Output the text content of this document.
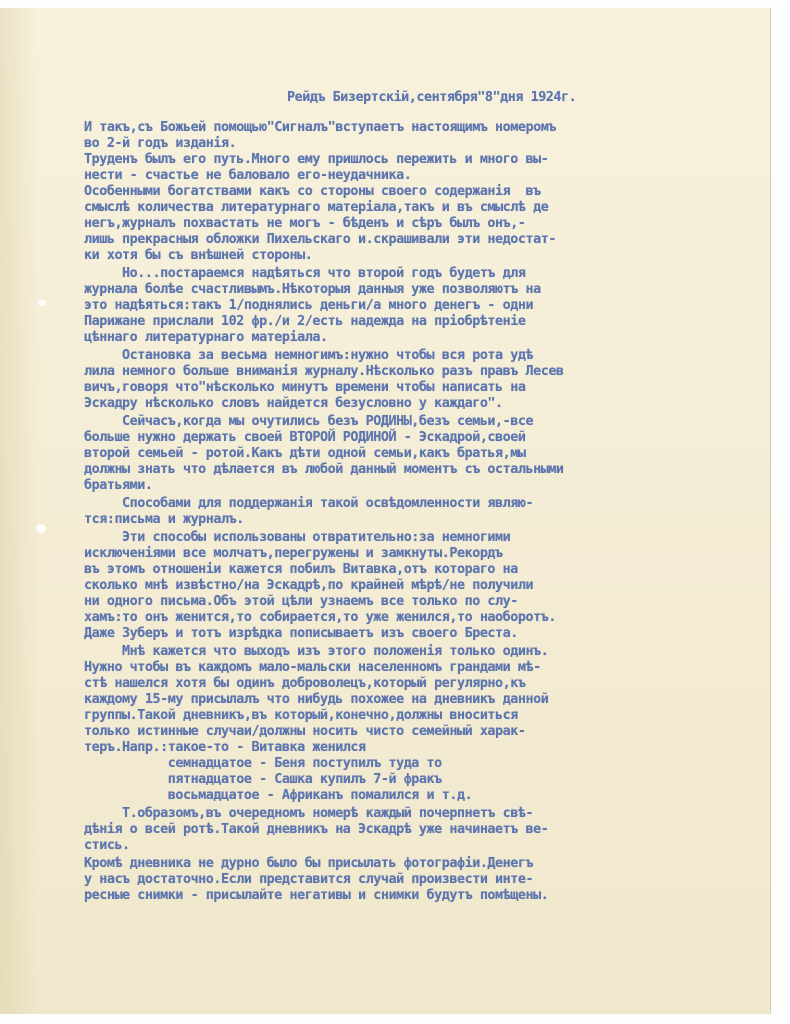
Рейдъ Бизертскій,сентября"8"дня 1924г.
И такъ,съ Божьей помощью"Сигналъ"вступаетъ настоящимъ номеромъ
во 2-й годъ изданія.
Труденъ былъ его путь.Много ему пришлось пережить и много вы-
нести - счастье не баловало его-неудачника.
Особенными богатствами какъ со стороны своего содержанія  въ
смыслѣ количества литературнаго матеріала,такъ и въ смыслѣ де
негъ,журналъ похвастать не могъ - бѣденъ и сѣръ былъ онъ,-
лишь прекрасныя обложки Пихельскаго и.скрашивали эти недостат-
ки хотя бы съ внѣшней стороны.
Но...постараемся надѣяться что второй годъ будетъ для
журнала болѣе счастливымъ.Нѣкоторыя данныя уже позволяютъ на
это надѣяться:такъ 1/поднялись деньги/а много денегъ - одни
Парижане прислали 102 фр./и 2/есть надежда на пріобрѣтеніе
цѣннаго литературнаго матеріала.
Остановка за весьма немногимъ:нужно чтобы вся рота удѣ
лила немного больше вниманія журналу.Нѣсколько разъ правъ Лесев
вичъ,говоря что"нѣсколько минутъ времени чтобы написать на
Эскадру нѣсколько словъ найдется безусловно у каждаго".
Сейчасъ,когда мы очутились безъ РОДИНЫ,безъ семьи,-все
больше нужно держать своей ВТОРОЙ РОДИНОЙ - Эскадрой,своей
второй семьей - ротой.Какъ дѣти одной семьи,какъ братья,мы
должны знать что дѣлается въ любой данный моментъ съ остальными
братьями.
Способами для поддержанія такой освѣдомленности являю-
тся:письма и журналъ.
Эти способы использованы отвратительно:за немногими
исключеніями все молчатъ,перегружены и замкнуты.Рекордъ
въ этомъ отношеніи кажется побилъ Витавка,отъ котораго на
сколько мнѣ извѣстно/на Эскадрѣ,по крайней мѣрѣ/не получили
ни одного письма.Объ этой цѣли узнаемъ все только по слу-
хамъ:то онъ женится,то собирается,то уже женился,то наоборотъ.
Даже Зуберъ и тотъ изрѣдка пописываетъ изъ своего Бреста.
Мнѣ кажется что выходъ изъ этого положенія только одинъ.
Нужно чтобы въ каждомъ мало-мальски населенномъ грандами мѣ-
стѣ нашелся хотя бы одинъ доброволецъ,который регулярно,къ
каждому 15-му присылалъ что нибудь похожее на дневникъ данной
группы.Такой дневникъ,въ который,конечно,должны вноситься
только истинные случаи/должны носить чисто семейный харак-
теръ.Напр.:такое-то - Витавка женился
семнадцатое - Беня поступилъ туда то
пятнадцатое - Сашка купилъ 7-й фракъ
восьмадцатое - Африканъ помалился и т.д.
Т.образомъ,въ очередномъ номерѣ каждый почерпнетъ свѣ-
дѣнія о всей ротѣ.Такой дневникъ на Эскадрѣ уже начинаетъ ве-
стись.
Кромѣ дневника не дурно было бы присылать фотографіи.Денегъ
у насъ достаточно.Если представится случай произвести инте-
ресные снимки - присылайте негативы и снимки будутъ помѣщены.
